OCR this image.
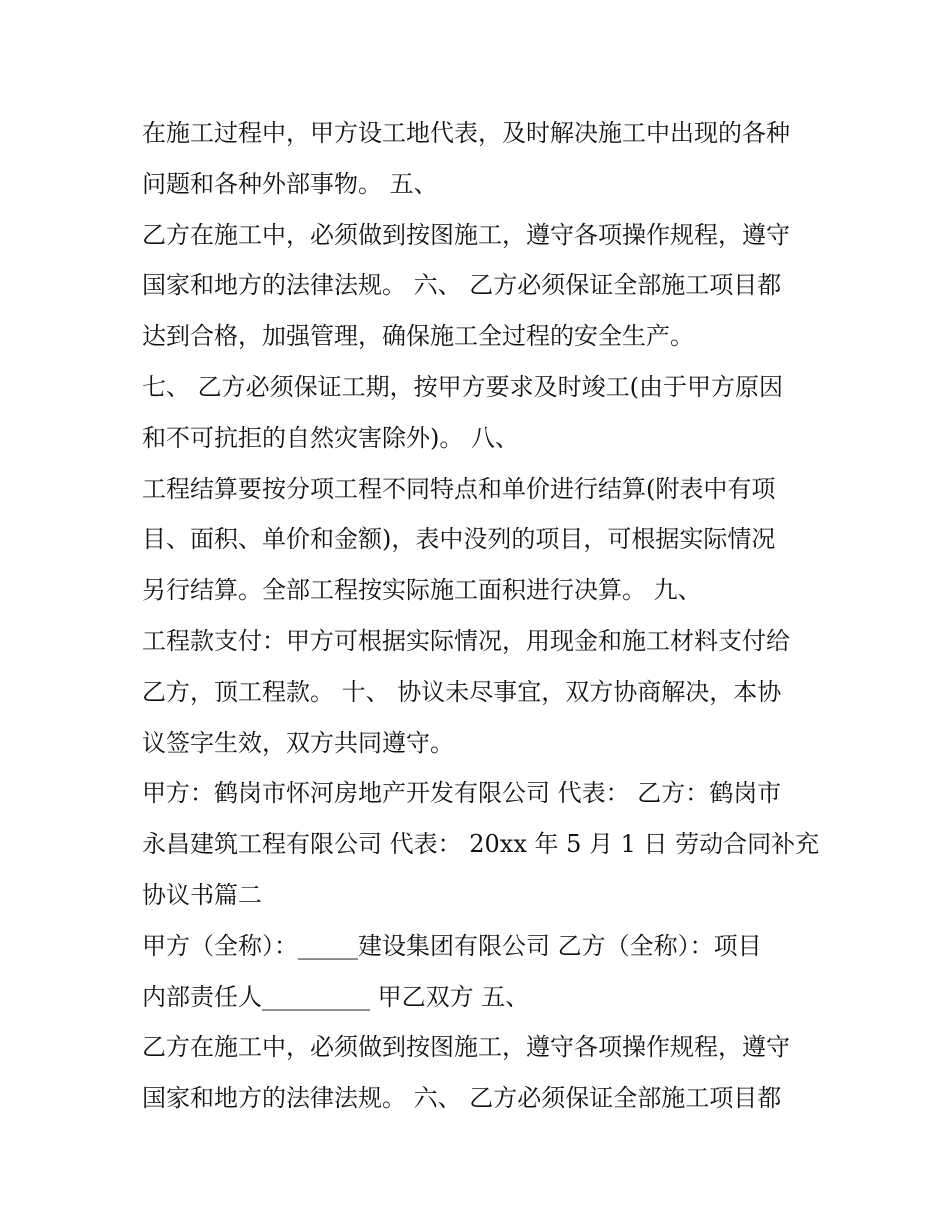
在施工过程中，甲方设工地代表，及时解决施工中出现的各种
问题和各种外部事物。 五、
乙方在施工中，必须做到按图施工，遵守各项操作规程，遵守
国家和地方的法律法规。 六、 乙方必须保证全部施工项目都
达到合格，加强管理，确保施工全过程的安全生产。
七、 乙方必须保证工期，按甲方要求及时竣工(由于甲方原因
和不可抗拒的自然灾害除外)。 八、
工程结算要按分项工程不同特点和单价进行结算(附表中有项
目、面积、单价和金额)，表中没列的项目，可根据实际情况
另行结算。全部工程按实际施工面积进行决算。 九、
工程款支付：甲方可根据实际情况，用现金和施工材料支付给
乙方，顶工程款。 十、 协议未尽事宜，双方协商解决，本协
议签字生效，双方共同遵守。
甲方：鹤岗市怀河房地产开发有限公司 代表： 乙方：鹤岗市
永昌建筑工程有限公司 代表： 20xx 年 5 月 1 日 劳动合同补充
协议书篇二
甲方（全称）：_____建设集团有限公司 乙方（全称）：项目
内部责任人_________ 甲乙双方 五、
乙方在施工中，必须做到按图施工，遵守各项操作规程，遵守
国家和地方的法律法规。 六、 乙方必须保证全部施工项目都
